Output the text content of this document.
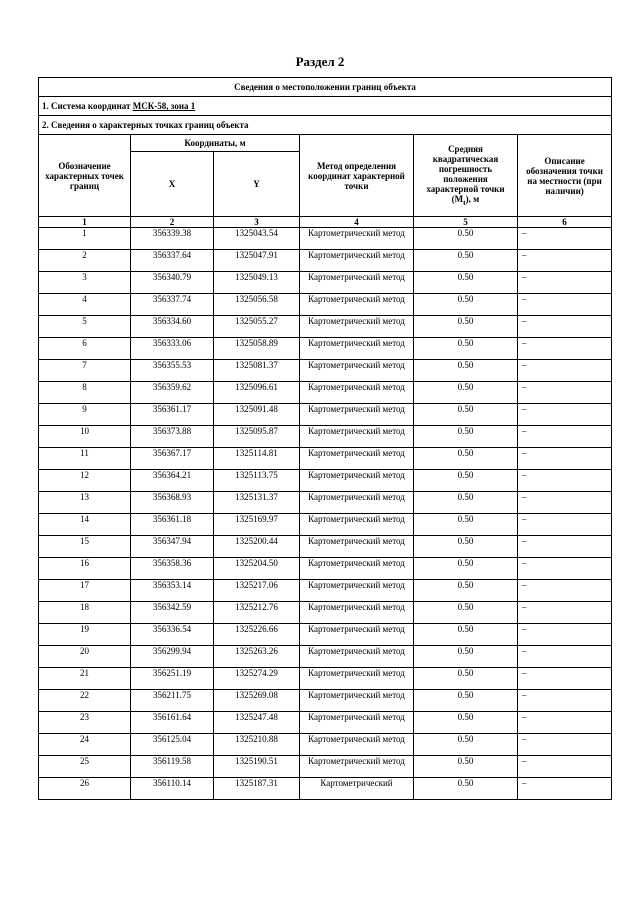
Раздел 2
Сведения о местоположении границ объекта					
1. Система координат МСК-58, зона 1					
2. Сведения о характерных точках границ объекта					
Обозначение характерных точек границ	Координаты, м		Метод определения координат характерной точки	Средняя квадратическая погрешность положения характерной точки $(M_t)$, м	Описание обозначения точки на местности (при наличии)
	X	Y			
1	2	3	4	5	6
1	356339.38	1325043.54	Картометрический метод	0.50	–
2	356337.64	1325047.91	Картометрический метод	0.50	–
3	356340.79	1325049.13	Картометрический метод	0.50	–
4	356337.74	1325056.58	Картометрический метод	0.50	–
5	356334.60	1325055.27	Картометрический метод	0.50	–
6	356333.06	1325058.89	Картометрический метод	0.50	–
7	356355.53	1325081.37	Картометрический метод	0.50	–
8	356359.62	1325096.61	Картометрический метод	0.50	–
9	356361.17	1325091.48	Картометрический метод	0.50	–
10	356373.88	1325095.87	Картометрический метод	0.50	–
11	356367.17	1325114.81	Картометрический метод	0.50	–
12	356364.21	1325113.75	Картометрический метод	0.50	–
13	356368.93	1325131.37	Картометрический метод	0.50	–
14	356361.18	1325169.97	Картометрический метод	0.50	–
15	356347.94	1325200.44	Картометрический метод	0.50	–
16	356358.36	1325204.50	Картометрический метод	0.50	–
17	356353.14	1325217.06	Картометрический метод	0.50	–
18	356342.59	1325212.76	Картометрический метод	0.50	–
19	356336.54	1325226.66	Картометрический метод	0.50	–
20	356299.94	1325263.26	Картометрический метод	0.50	–
21	356251.19	1325274.29	Картометрический метод	0.50	–
22	356211.75	1325269.08	Картометрический метод	0.50	–
23	356161.64	1325247.48	Картометрический метод	0.50	–
24	356125.04	1325210.88	Картометрический метод	0.50	–
25	356119.58	1325190.51	Картометрический метод	0.50	–
26	356110.14	1325187.31	Картометрический	0.50	–
